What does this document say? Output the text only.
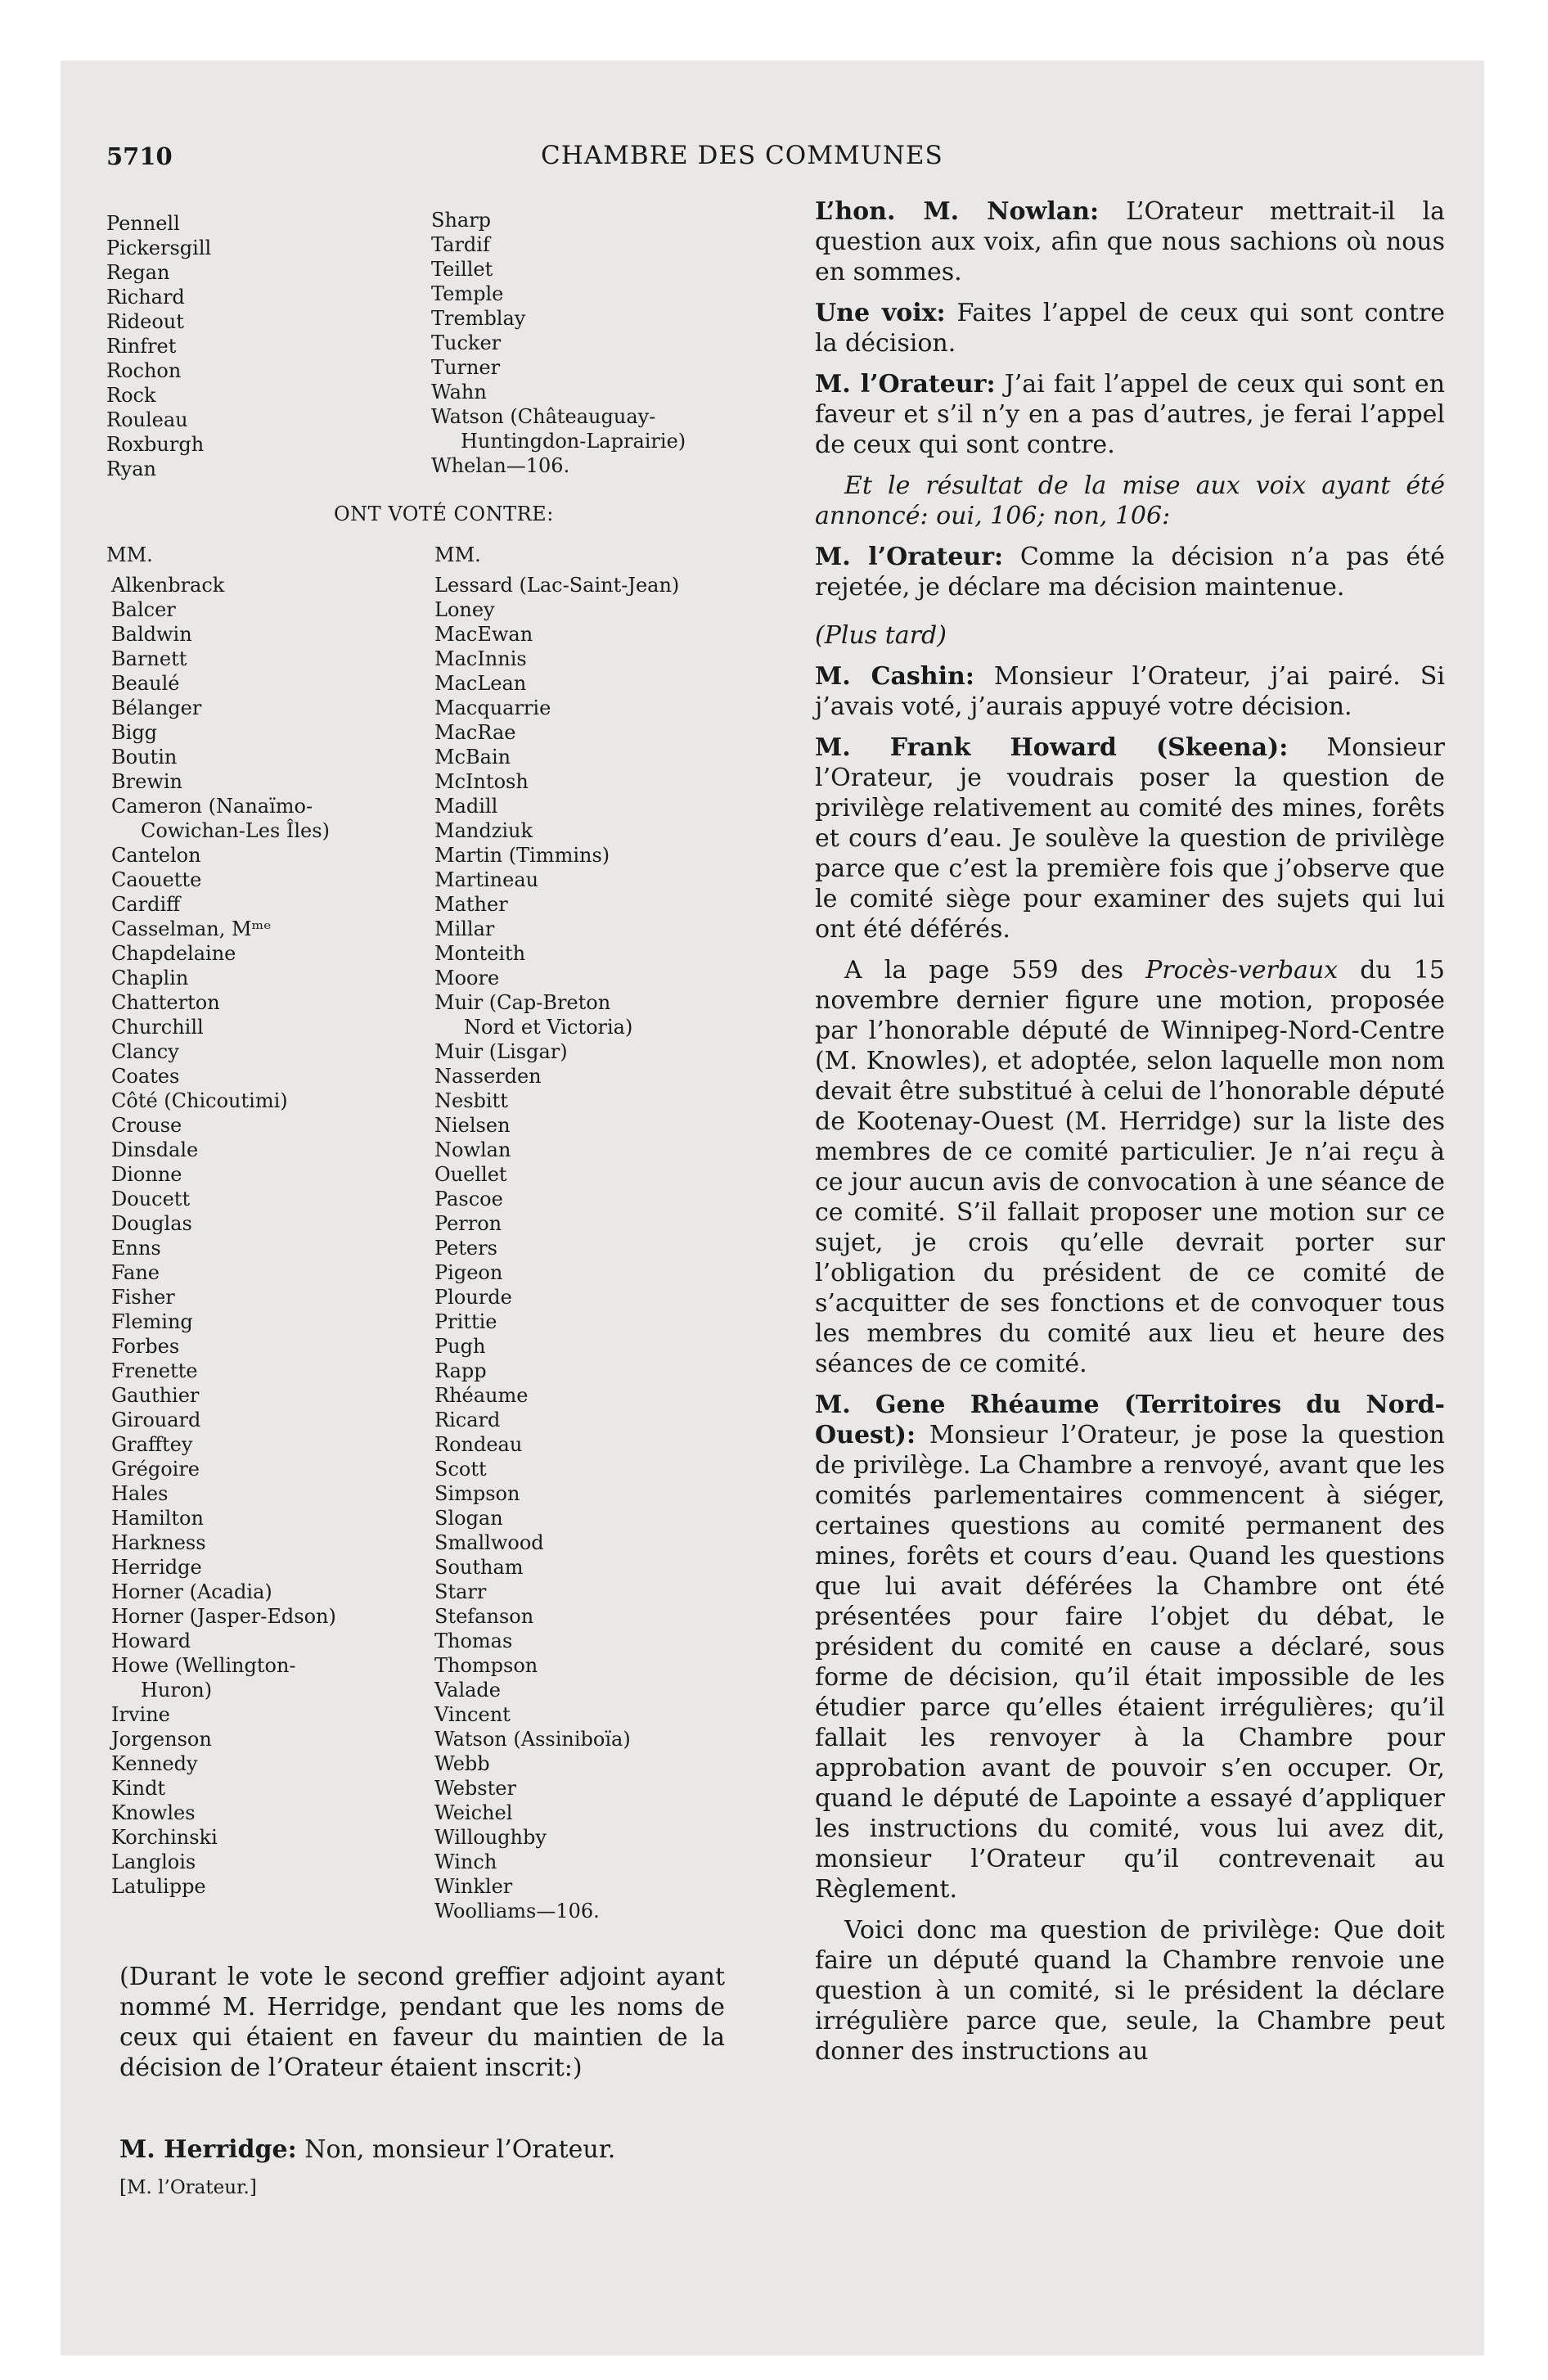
5710	CHAMBRE DES COMMUNES
Pennell
Pickersgill
Regan
Richard
Rideout
Rinfret
Rochon
Rock
Rouleau
Roxburgh
Ryan
Sharp
Tardif
Teillet
Temple
Tremblay
Tucker
Turner
Wahn
Watson (Châteauguay-
Huntingdon-Laprairie)
Whelan—106.
ONT VOTÉ CONTRE:
MM.	MM.
Alkenbrack
Balcer
Baldwin
Barnett
Beaulé
Bélanger
Bigg
Boutin
Brewin
Cameron (Nanaïmo-
Cowichan-Les Îles)
Cantelon
Caouette
Cardiff
Casselman, Mᵐᵉ
Chapdelaine
Chaplin
Chatterton
Churchill
Clancy
Coates
Côté (Chicoutimi)
Crouse
Dinsdale
Dionne
Doucett
Douglas
Enns
Fane
Fisher
Fleming
Forbes
Frenette
Gauthier
Girouard
Grafftey
Grégoire
Hales
Hamilton
Harkness
Herridge
Horner (Acadia)
Horner (Jasper-Edson)
Howard
Howe (Wellington-
Huron)
Irvine
Jorgenson
Kennedy
Kindt
Knowles
Korchinski
Langlois
Latulippe
Lessard (Lac-Saint-Jean)
Loney
MacEwan
MacInnis
MacLean
Macquarrie
MacRae
McBain
McIntosh
Madill
Mandziuk
Martin (Timmins)
Martineau
Mather
Millar
Monteith
Moore
Muir (Cap-Breton
Nord et Victoria)
Muir (Lisgar)
Nasserden
Nesbitt
Nielsen
Nowlan
Ouellet
Pascoe
Perron
Peters
Pigeon
Plourde
Prittie
Pugh
Rapp
Rhéaume
Ricard
Rondeau
Scott
Simpson
Slogan
Smallwood
Southam
Starr
Stefanson
Thomas
Thompson
Valade
Vincent
Watson (Assiniboïa)
Webb
Webster
Weichel
Willoughby
Winch
Winkler
Woolliams—106.

(Durant le vote le second greffier adjoint ayant nommé M. Herridge, pendant que les noms de ceux qui étaient en faveur du maintien de la décision de l’Orateur étaient inscrit:)

M. Herridge: Non, monsieur l’Orateur.

[M. l’Orateur.]

L’hon. M. Nowlan: L’Orateur mettrait-il la question aux voix, afin que nous sachions où nous en sommes.

Une voix: Faites l’appel de ceux qui sont contre la décision.

M. l’Orateur: J’ai fait l’appel de ceux qui sont en faveur et s’il n’y en a pas d’autres, je ferai l’appel de ceux qui sont contre.

Et le résultat de la mise aux voix ayant été annoncé: oui, 106; non, 106:

M. l’Orateur: Comme la décision n’a pas été rejetée, je déclare ma décision maintenue.

(Plus tard)

M. Cashin: Monsieur l’Orateur, j’ai pairé. Si j’avais voté, j’aurais appuyé votre décision.

M. Frank Howard (Skeena): Monsieur l’Orateur, je voudrais poser la question de privilège relativement au comité des mines, forêts et cours d’eau. Je soulève la question de privilège parce que c’est la première fois que j’observe que le comité siège pour examiner des sujets qui lui ont été déférés.

A la page 559 des Procès-verbaux du 15 novembre dernier figure une motion, proposée par l’honorable député de Winnipeg-Nord-Centre (M. Knowles), et adoptée, selon laquelle mon nom devait être substitué à celui de l’honorable député de Kootenay-Ouest (M. Herridge) sur la liste des membres de ce comité particulier. Je n’ai reçu à ce jour aucun avis de convocation à une séance de ce comité. S’il fallait proposer une motion sur ce sujet, je crois qu’elle devrait porter sur l’obligation du président de ce comité de s’acquitter de ses fonctions et de convoquer tous les membres du comité aux lieu et heure des séances de ce comité.

M. Gene Rhéaume (Territoires du Nord-Ouest): Monsieur l’Orateur, je pose la question de privilège. La Chambre a renvoyé, avant que les comités parlementaires commencent à siéger, certaines questions au comité permanent des mines, forêts et cours d’eau. Quand les questions que lui avait déférées la Chambre ont été présentées pour faire l’objet du débat, le président du comité en cause a déclaré, sous forme de décision, qu’il était impossible de les étudier parce qu’elles étaient irrégulières; qu’il fallait les renvoyer à la Chambre pour approbation avant de pouvoir s’en occuper. Or, quand le député de Lapointe a essayé d’appliquer les instructions du comité, vous lui avez dit, monsieur l’Orateur qu’il contrevenait au Règlement.

Voici donc ma question de privilège: Que doit faire un député quand la Chambre renvoie une question à un comité, si le président la déclare irrégulière parce que, seule, la Chambre peut donner des instructions au
